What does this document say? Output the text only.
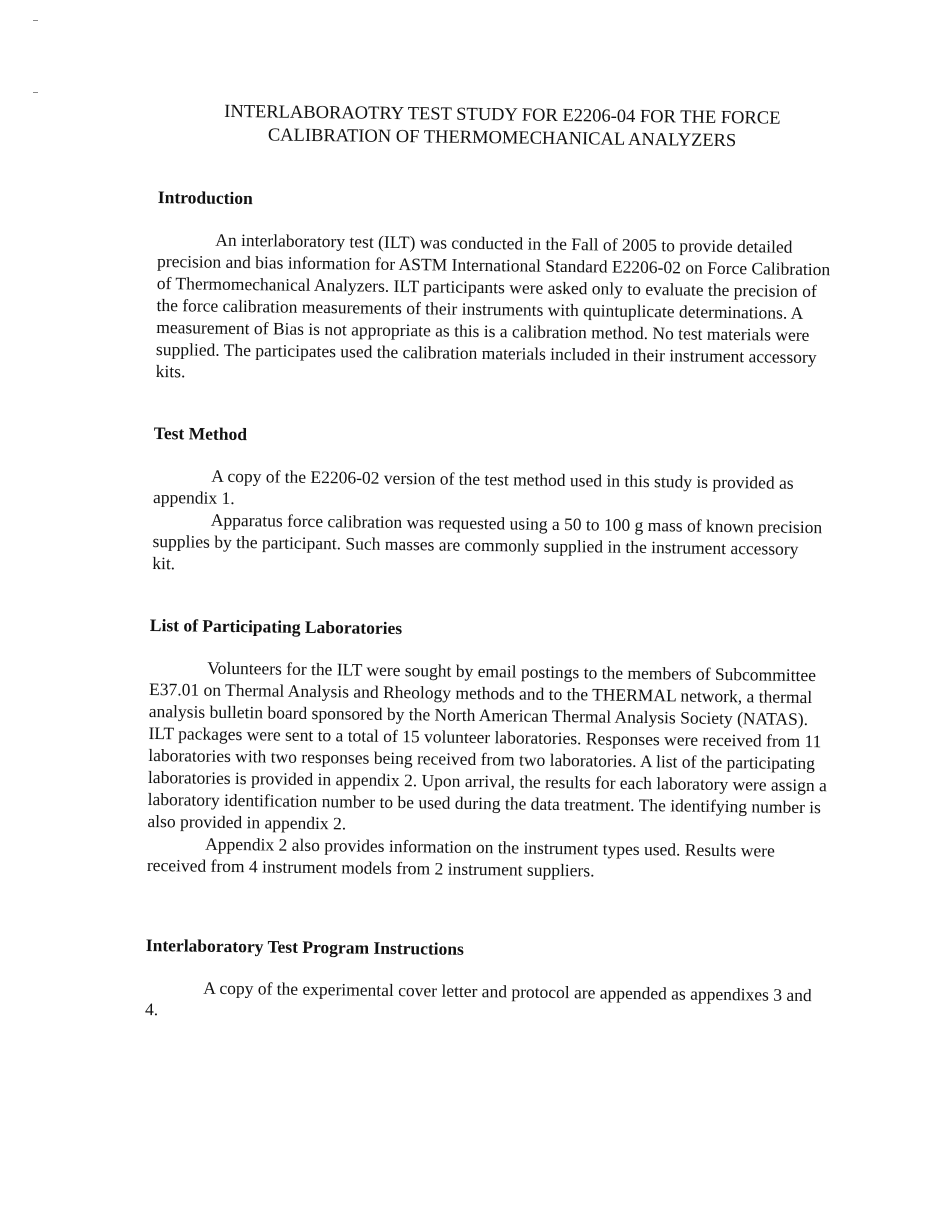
INTERLABORAOTRY TEST STUDY FOR E2206-04 FOR THE FORCE
CALIBRATION OF THERMOMECHANICAL ANALYZERS

Introduction

An interlaboratory test (ILT) was conducted in the Fall of 2005 to provide detailed precision and bias information for ASTM International Standard E2206-02 on Force Calibration of Thermomechanical Analyzers. ILT participants were asked only to evaluate the precision of the force calibration measurements of their instruments with quintuplicate determinations. A measurement of Bias is not appropriate as this is a calibration method. No test materials were supplied. The participates used the calibration materials included in their instrument accessory kits.

Test Method

A copy of the E2206-02 version of the test method used in this study is provided as appendix 1.

Apparatus force calibration was requested using a 50 to 100 g mass of known precision supplies by the participant. Such masses are commonly supplied in the instrument accessory kit.

List of Participating Laboratories

Volunteers for the ILT were sought by email postings to the members of Subcommittee E37.01 on Thermal Analysis and Rheology methods and to the THERMAL network, a thermal analysis bulletin board sponsored by the North American Thermal Analysis Society (NATAS). ILT packages were sent to a total of 15 volunteer laboratories. Responses were received from 11 laboratories with two responses being received from two laboratories. A list of the participating laboratories is provided in appendix 2. Upon arrival, the results for each laboratory were assign a laboratory identification number to be used during the data treatment. The identifying number is also provided in appendix 2.

Appendix 2 also provides information on the instrument types used. Results were received from 4 instrument models from 2 instrument suppliers.

Interlaboratory Test Program Instructions

A copy of the experimental cover letter and protocol are appended as appendixes 3 and 4.
